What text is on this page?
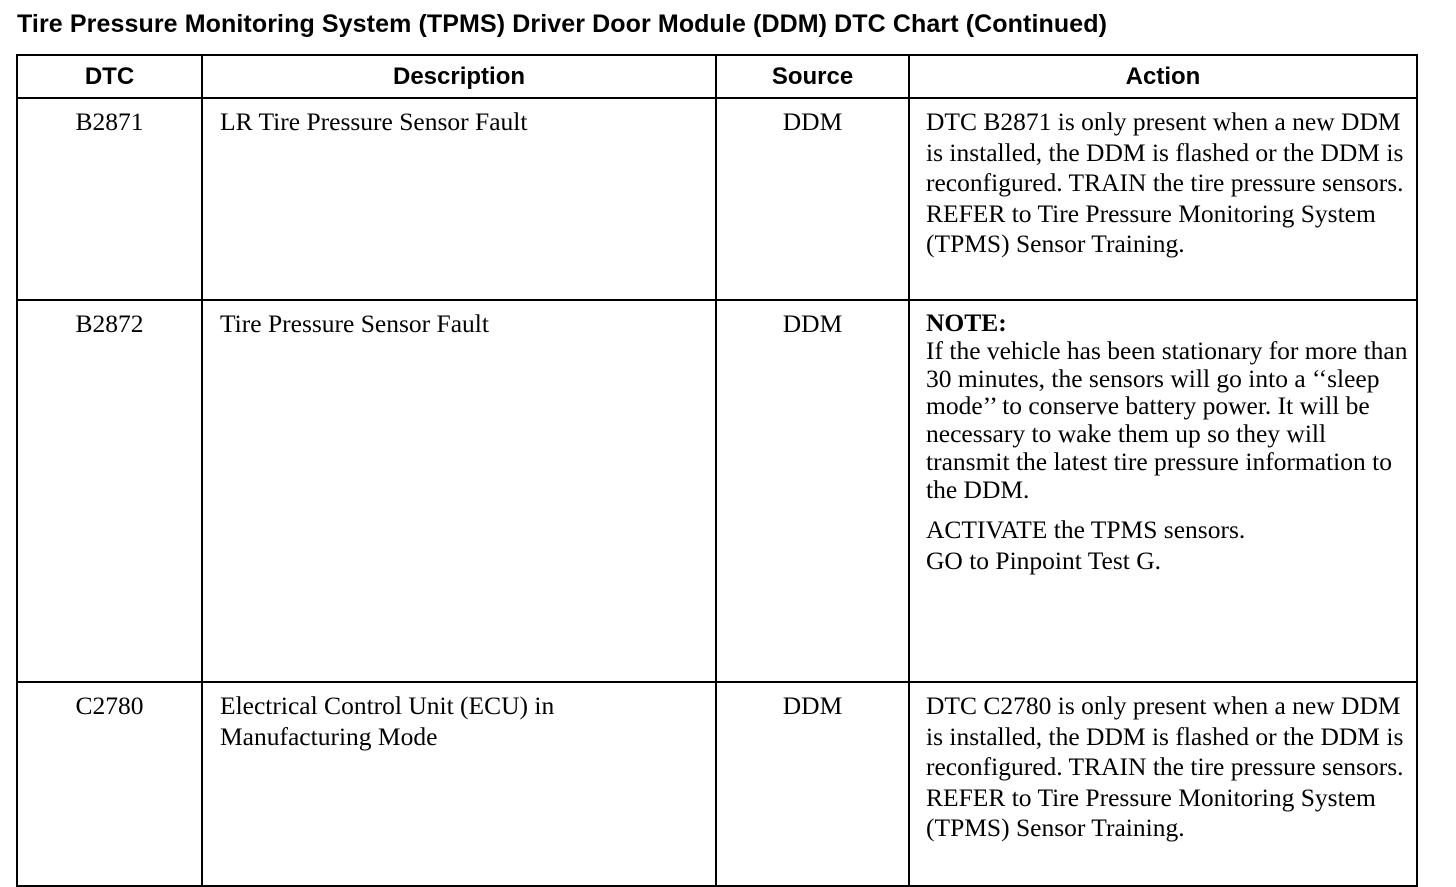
Tire Pressure Monitoring System (TPMS) Driver Door Module (DDM) DTC Chart (Continued)
DTC	Description	Source	Action
B2871	LR Tire Pressure Sensor Fault	DDM	DTC B2871 is only present when a new DDM is installed, the DDM is flashed or the DDM is reconfigured. TRAIN the tire pressure sensors. REFER to Tire Pressure Monitoring System (TPMS) Sensor Training.
B2872	Tire Pressure Sensor Fault	DDM	NOTE:
If the vehicle has been stationary for more than 30 minutes, the sensors will go into a ‘‘sleep mode’’ to conserve battery power. It will be necessary to wake them up so they will transmit the latest tire pressure information to the DDM.
ACTIVATE the TPMS sensors.
GO to Pinpoint Test G.

C2780	Electrical Control Unit (ECU) in Manufacturing Mode	DDM	DTC C2780 is only present when a new DDM is installed, the DDM is flashed or the DDM is reconfigured. TRAIN the tire pressure sensors. REFER to Tire Pressure Monitoring System (TPMS) Sensor Training.
